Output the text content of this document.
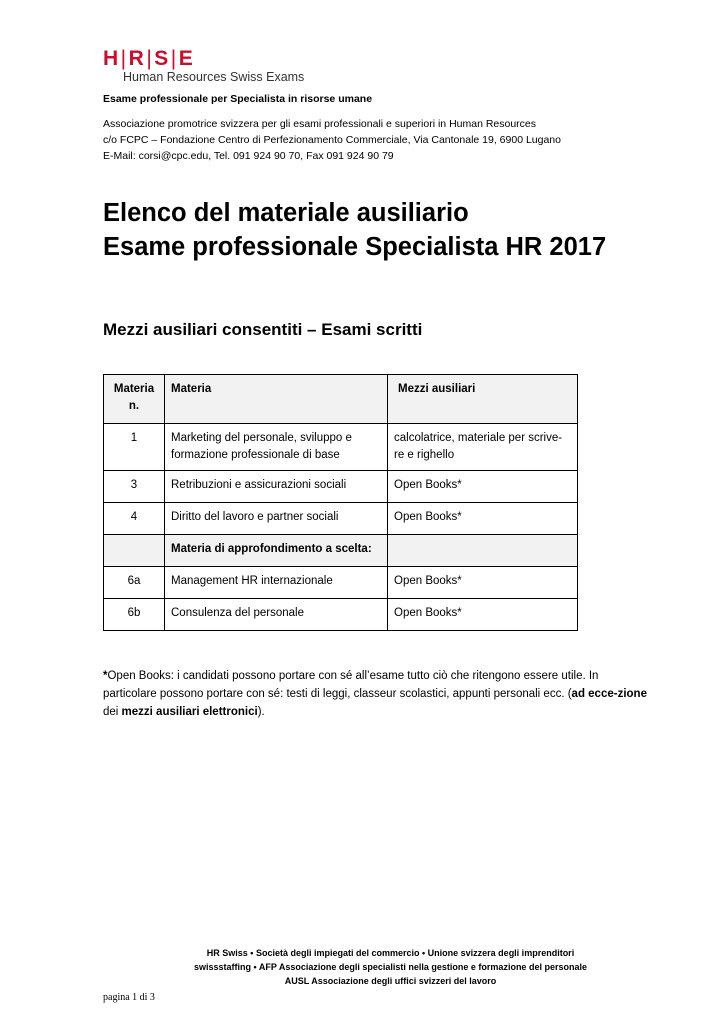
H|R|S|E
Human Resources Swiss Exams
Esame professionale per Specialista in risorse umane
Associazione promotrice svizzera per gli esami professionali e superiori in Human Resources
c/o FCPC – Fondazione Centro di Perfezionamento Commerciale, Via Cantonale 19, 6900 Lugano
E-Mail: corsi@cpc.edu, Tel. 091 924 90 70, Fax 091 924 90 79
Elenco del materiale ausiliario
Esame professionale Specialista HR 2017
Mezzi ausiliari consentiti – Esami scritti
Materia
n.	Materia	Mezzi ausiliari
1	Marketing del personale, sviluppo e formazione professionale di base	calcolatrice, materiale per scrive-re e righello
3	Retribuzioni e assicurazioni sociali	Open Books*
4	Diritto del lavoro e partner sociali	Open Books*
	Materia di approfondimento a scelta:	
6a	Management HR internazionale	Open Books*
6b	Consulenza del personale	Open Books*
*Open Books: i candidati possono portare con sé all’esame tutto ciò che ritengono essere utile. In particolare possono portare con sé: testi di leggi, classeur scolastici, appunti personali ecc. (ad ecce-zione dei mezzi ausiliari elettronici).
HR Swiss • Società degli impiegati del commercio • Unione svizzera degli imprenditori
swissstaffing • AFP Associazione degli specialisti nella gestione e formazione del personale
AUSL Associazione degli uffici svizzeri del lavoro
pagina 1 di 3
